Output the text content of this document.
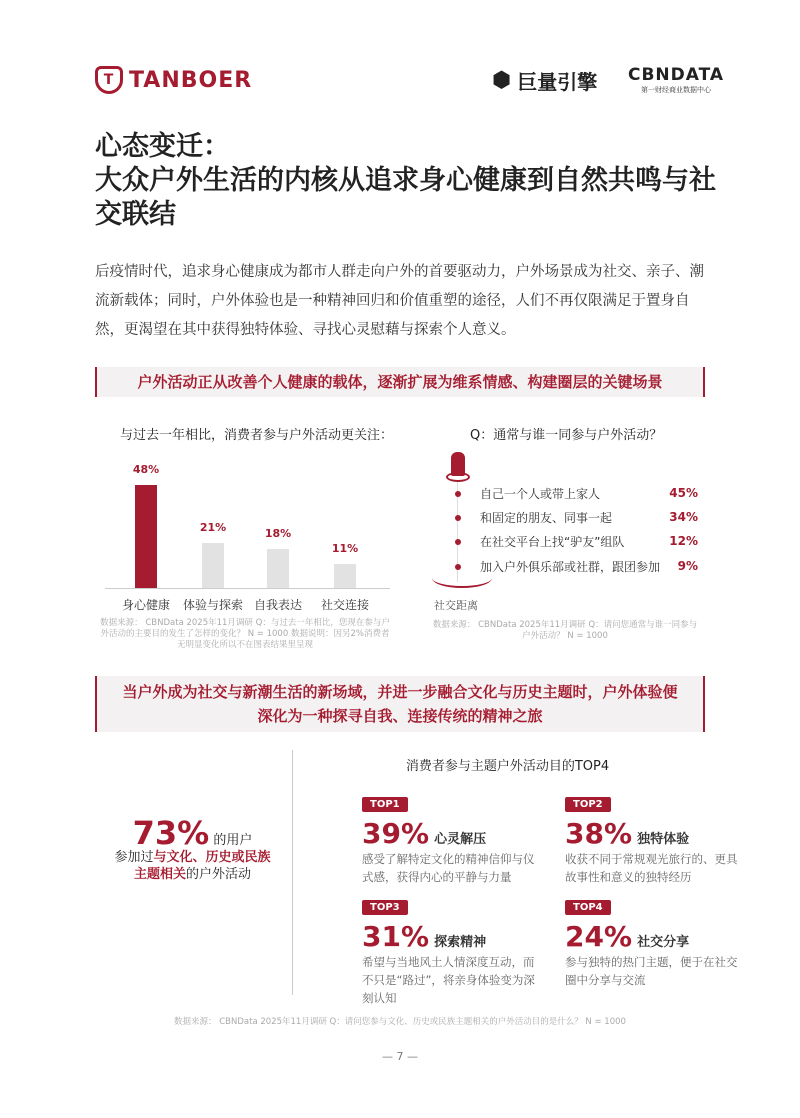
T TANBOER	⬢ 巨量引擎 CBNDATA
第一财经商业数据中心
心态变迁：
大众户外生活的内核从追求身心健康到自然共鸣与社
交联结
后疫情时代，追求身心健康成为都市人群走向户外的首要驱动力，户外场景成为社交、亲子、潮流新载体；同时，户外体验也是一种精神回归和价值重塑的途径，人们不再仅限满足于置身自然，更渴望在其中获得独特体验、寻找心灵慰藉与探索个人意义。
户外活动正从改善个人健康的载体，逐渐扩展为维系情感、构建圈层的关键场景
与过去一年相比，消费者参与户外活动更关注：
48%
身心健康
21%
体验与探索
18%
自我表达
11%
社交连接
数据来源： CBNData 2025年11月调研 Q：与过去一年相比，您现在参与户外活动的主要目的发生了怎样的变化？ N = 1000 数据说明：因另2%消费者无明显变化所以不在图表结果里呈现
Q：通常与谁一同参与户外活动？
自己一个人或带上家人
和固定的朋友、同事一起
在社交平台上找“驴友”组队
加入户外俱乐部或社群，跟团参加
45%
34%
12%
9%
社交距离
数据来源： CBNData 2025年11月调研 Q：请问您通常与谁一同参与户外活动？ N = 1000
当户外成为社交与新潮生活的新场域，并进一步融合文化与历史主题时，户外体验便
深化为一种探寻自我、连接传统的精神之旅
73% 的用户
参加过与文化、历史或民族
主题相关的户外活动
消费者参与主题户外活动目的TOP4
TOP1
39% 心灵解压
感受了解特定文化的精神信仰与仪式感，获得内心的平静与力量
TOP2
38% 独特体验
收获不同于常规观光旅行的、更具故事性和意义的独特经历
TOP3
31% 探索精神
希望与当地风土人情深度互动，而不只是“路过”，将亲身体验变为深刻认知
TOP4
24% 社交分享
参与独特的热门主题，便于在社交圈中分享与交流
数据来源： CBNData 2025年11月调研 Q：请问您参与文化、历史或民族主题相关的户外活动目的是什么？ N = 1000
— 7 —
